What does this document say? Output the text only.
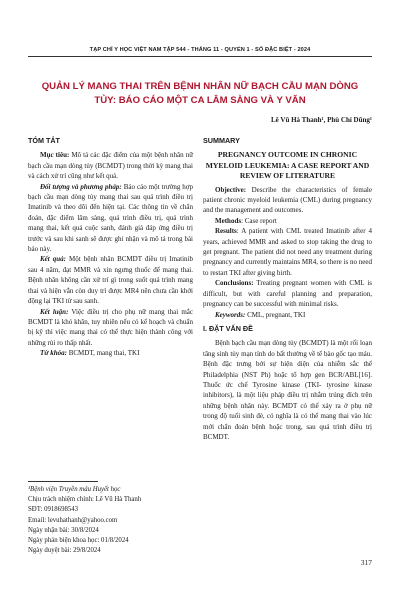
TẠP CHÍ Y HỌC VIỆT NAM TẬP 544 - THÁNG 11 - QUYỂN 1 - SỐ ĐẶC BIỆT - 2024
QUẢN LÝ MANG THAI TRÊN BỆNH NHÂN NỮ BẠCH CẦU MẠN DÒNG TỦY: BÁO CÁO MỘT CA LÂM SÀNG VÀ Y VĂN
Lê Vũ Hà Thanh¹, Phù Chí Dũng¹
TÓM TẮT

Mục tiêu: Mô tả các đặc điểm của một bệnh nhân nữ bạch cầu mạn dòng tủy (BCMDT) trong thời kỳ mang thai và cách xử trí cũng như kết quả.

Đối tượng và phương pháp: Báo cáo một trường hợp bạch cầu mạn dòng tủy mang thai sau quá trình điều trị Imatinib và theo dõi đến hiện tại. Các thông tin về chẩn đoán, đặc điểm lâm sàng, quá trình điều trị, quá trình mang thai, kết quả cuộc sanh, đánh giá đáp ứng điều trị trước và sau khi sanh sẽ được ghi nhận và mô tả trong bài báo này.

Kết quả: Một bệnh nhân BCMDT điều trị Imatinib sau 4 năm, đạt MMR và xin ngưng thuốc để mang thai. Bệnh nhân không cần xử trí gì trong suốt quá trình mang thai và hiện vẫn còn duy trì được MR4 nên chưa cần khởi động lại TKI từ sau sanh.

Kết luận: Việc điều trị cho phụ nữ mang thai mắc BCMDT là khó khăn, tuy nhiên nếu có kế hoạch và chuẩn bị kỹ thì việc mang thai có thể thực hiện thành công với những rủi ro thấp nhất.

Từ khóa: BCMDT, mang thai, TKI

SUMMARY
PREGNANCY OUTCOME IN CHRONIC MYELOID LEUKEMIA: A CASE REPORT AND REVIEW OF LITERATURE

Objective: Describe the characteristics of female patient chronic myeloid leukemia (CML) during pregnancy and the management and outcomes.

Methods: Case report

Results: A patient with CML treated Imatinib after 4 years, achieved MMR and asked to stop taking the drug to get pregnant. The patient did not need any treatment during pregnancy and currently maintains MR4, so there is no need to restart TKI after giving birth.

Conclusions: Treating pregnant women with CML is difficult, but with careful planning and preparation, pregnancy can be successful with minimal risks.

Keywords: CML, pregnant, TKI

I. ĐẶT VẤN ĐỀ

Bệnh bạch cầu mạn dòng tủy (BCMDT) là một rối loạn tăng sinh tủy mạn tính do bất thường về tế bào gốc tạo máu. Bệnh đặc trưng bởi sự hiện diện của nhiễm sắc thể Philadelphia (NST Ph) hoặc tổ hợp gen BCR/ABL[16]. Thuốc ức chế Tyrosine kinase (TKI- tyrosine kinase inhibitors), là một liệu pháp điều trị nhắm trúng đích trên những bệnh nhân này. BCMDT có thể xảy ra ở phụ nữ trong độ tuổi sinh đẻ, có nghĩa là có thể mang thai vào lúc mới chẩn đoán bệnh hoặc trong, sau quá trình điều trị BCMDT.

¹Bệnh viện Truyền máu Huyết học
Chịu trách nhiệm chính: Lê Vũ Hà Thanh
SĐT: 0918698543
Email: levuhathanh@yahoo.com
Ngày nhận bài: 30/8/2024
Ngày phản biện khoa học: 01/8/2024
Ngày duyệt bài: 29/8/2024
317
